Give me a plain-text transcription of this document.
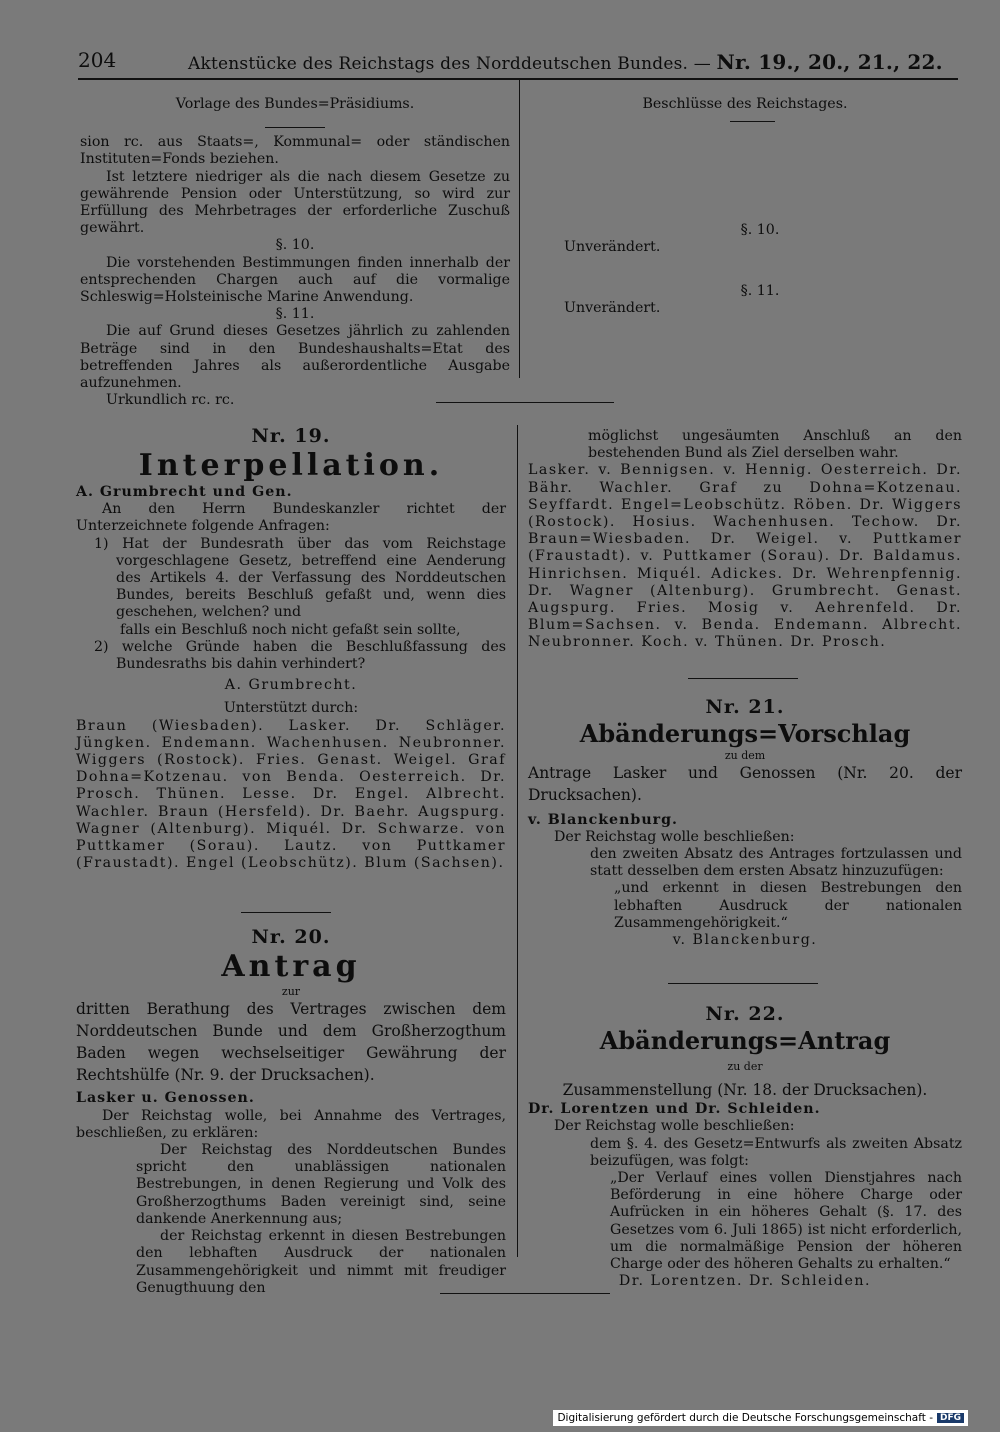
204	Aktenstücke des Reichstags des Norddeutschen Bundes. — Nr. 19., 20., 21., 22.

Vorlage des Bundes=Präsidiums.

sion rc. aus Staats=, Kommunal= oder ständischen Instituten=Fonds beziehen.

Ist letztere niedriger als die nach diesem Gesetze zu gewährende Pension oder Unterstützung, so wird zur Erfüllung des Mehrbetrages der erforderliche Zuschuß gewährt.

§. 10.

Die vorstehenden Bestimmungen finden innerhalb der entsprechenden Chargen auch auf die vormalige Schleswig=Holsteinische Marine Anwendung.

§. 11.

Die auf Grund dieses Gesetzes jährlich zu zahlenden Beträge sind in den Bundeshaushalts=Etat des betreffenden Jahres als außerordentliche Ausgabe aufzunehmen.

Urkundlich rc. rc.

Beschlüsse des Reichstages.

§. 10.

Unverändert.

§. 11.

Unverändert.

Nr. 19.

Interpellation.

A. Grumbrecht und Gen.

An den Herrn Bundeskanzler richtet der Unterzeichnete folgende Anfragen:

1) Hat der Bundesrath über das vom Reichstage vorgeschlagene Gesetz, betreffend eine Aenderung des Artikels 4. der Verfassung des Norddeutschen Bundes, bereits Beschluß gefaßt und, wenn dies geschehen, welchen? und

falls ein Beschluß noch nicht gefaßt sein sollte,

2) welche Gründe haben die Beschlußfassung des Bundesraths bis dahin verhindert?

A. Grumbrecht.

Unterstützt durch:

Braun (Wiesbaden). Lasker. Dr. Schläger. Jüngken. Endemann. Wachenhusen. Neubronner. Wiggers (Rostock). Fries. Genast. Weigel. Graf Dohna=Kotzenau. von Benda. Oesterreich. Dr. Prosch. Thünen. Lesse. Dr. Engel. Albrecht. Wachler. Braun (Hersfeld). Dr. Baehr. Augspurg. Wagner (Altenburg). Miquél. Dr. Schwarze. von Puttkamer (Sorau). Lautz. von Puttkamer (Fraustadt). Engel (Leobschütz). Blum (Sachsen).

Nr. 20.

Antrag

zur

dritten Berathung des Vertrages zwischen dem Norddeutschen Bunde und dem Großherzogthum Baden wegen wechselseitiger Gewährung der Rechtshülfe (Nr. 9. der Drucksachen).

Lasker u. Genossen.

Der Reichstag wolle, bei Annahme des Vertrages, beschließen, zu erklären:

Der Reichstag des Norddeutschen Bundes spricht den unablässigen nationalen Bestrebungen, in denen Regierung und Volk des Großherzogthums Baden vereinigt sind, seine dankende Anerkennung aus;

der Reichstag erkennt in diesen Bestrebungen den lebhaften Ausdruck der nationalen Zusammengehörigkeit und nimmt mit freudiger Genugthuung den

möglichst ungesäumten Anschluß an den bestehenden Bund als Ziel derselben wahr.

Lasker. v. Bennigsen. v. Hennig. Oesterreich. Dr. Bähr. Wachler. Graf zu Dohna=Kotzenau. Seyffardt. Engel=Leobschütz. Röben. Dr. Wiggers (Rostock). Hosius. Wachenhusen. Techow. Dr. Braun=Wiesbaden. Dr. Weigel. v. Puttkamer (Fraustadt). v. Puttkamer (Sorau). Dr. Baldamus. Hinrichsen. Miquél. Adickes. Dr. Wehrenpfennig. Dr. Wagner (Altenburg). Grumbrecht. Genast. Augspurg. Fries. Mosig v. Aehrenfeld. Dr. Blum=Sachsen. v. Benda. Endemann. Albrecht. Neubronner. Koch. v. Thünen. Dr. Prosch.

Nr. 21.

Abänderungs=Vorschlag

zu dem

Antrage Lasker und Genossen (Nr. 20. der Drucksachen).

v. Blanckenburg.

Der Reichstag wolle beschließen:

den zweiten Absatz des Antrages fortzulassen und statt desselben dem ersten Absatz hinzuzufügen:

„und erkennt in diesen Bestrebungen den lebhaften Ausdruck der nationalen Zusammengehörigkeit.“

v. Blanckenburg.

Nr. 22.

Abänderungs=Antrag

zu der

Zusammenstellung (Nr. 18. der Drucksachen).

Dr. Lorentzen und Dr. Schleiden.

Der Reichstag wolle beschließen:

dem §. 4. des Gesetz=Entwurfs als zweiten Absatz beizufügen, was folgt:

„Der Verlauf eines vollen Dienstjahres nach Beförderung in eine höhere Charge oder Aufrücken in ein höheres Gehalt (§. 17. des Gesetzes vom 6. Juli 1865) ist nicht erforderlich, um die normalmäßige Pension der höheren Charge oder des höheren Gehalts zu erhalten.“

Dr. Lorentzen. Dr. Schleiden.

Digitalisierung gefördert durch die Deutsche Forschungsgemeinschaft - DFG
